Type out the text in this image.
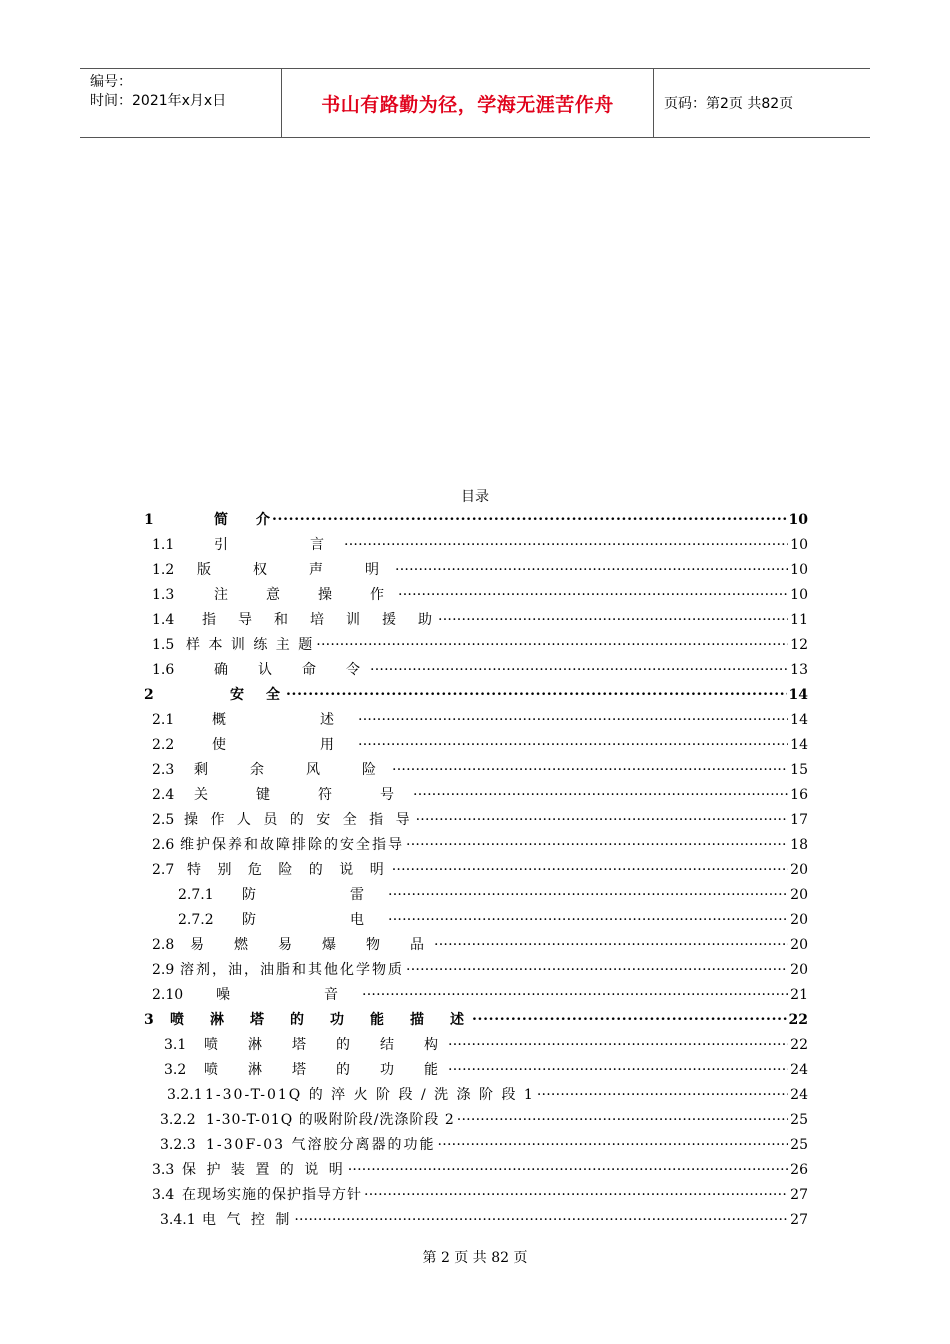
编号：
时间：2021年x月x日	书山有路勤为径，学海无涯苦作舟	页码：第2页 共82页
目录
1	简　　介 . . .	10
1.1	引　　言 . . .	10
1.2	版　权　声　明 . . .	10
1.3	注　意　操　作 . . .	10
1.4	指　导　和　培　训　援　助 . . .	11
1.5 样 本 训 练 主 题 . . .	12
1.6	确　认　命　令 . . .	13
2	安　全 . . .	14
2.1	概　　述 . . .	14
2.2	使　　用 . . .	14
2.3	剩　余　风　险 . . .	15
2.4	关　键　符　号 . . .	16
2.5 操 作 人 员 的 安 全 指 导 . . .	17
2.6 维护保养和故障排除的安全指导 . . .	18
2.7 特 别 危 险 的 说 明 . . .	20
2.7.1	防　　雷 . . .	20
2.7.2	防　　电 . . .	20
2.8	易　燃　易　爆　物　品 . . .	20
2.9 溶剂，油，油脂和其他化学物质 . . .	20
2.10	噪　　音 . . .	21
3	喷　淋　塔　的　功　能　描　述 . . .	22
3.1	喷　淋　塔　的　结　构 . . .	22
3.2	喷　淋　塔　的　功　能 . . .	24
3.2.1 1-30-T-01Q 的 淬 火 阶 段 / 洗 涤 阶 段 1 . . .	24
3.2.2 1-30-T-01Q 的吸附阶段/洗涤阶段 2 . . .	25
3.2.3 1-30F-03 气溶胶分离器的功能 . . .	25
3.3 保 护 装 置 的 说 明 . . .	26
3.4 在现场实施的保护指导方针 . . .	27
3.4.1 电 气 控 制 . . .	27
第 2 页 共 82 页
